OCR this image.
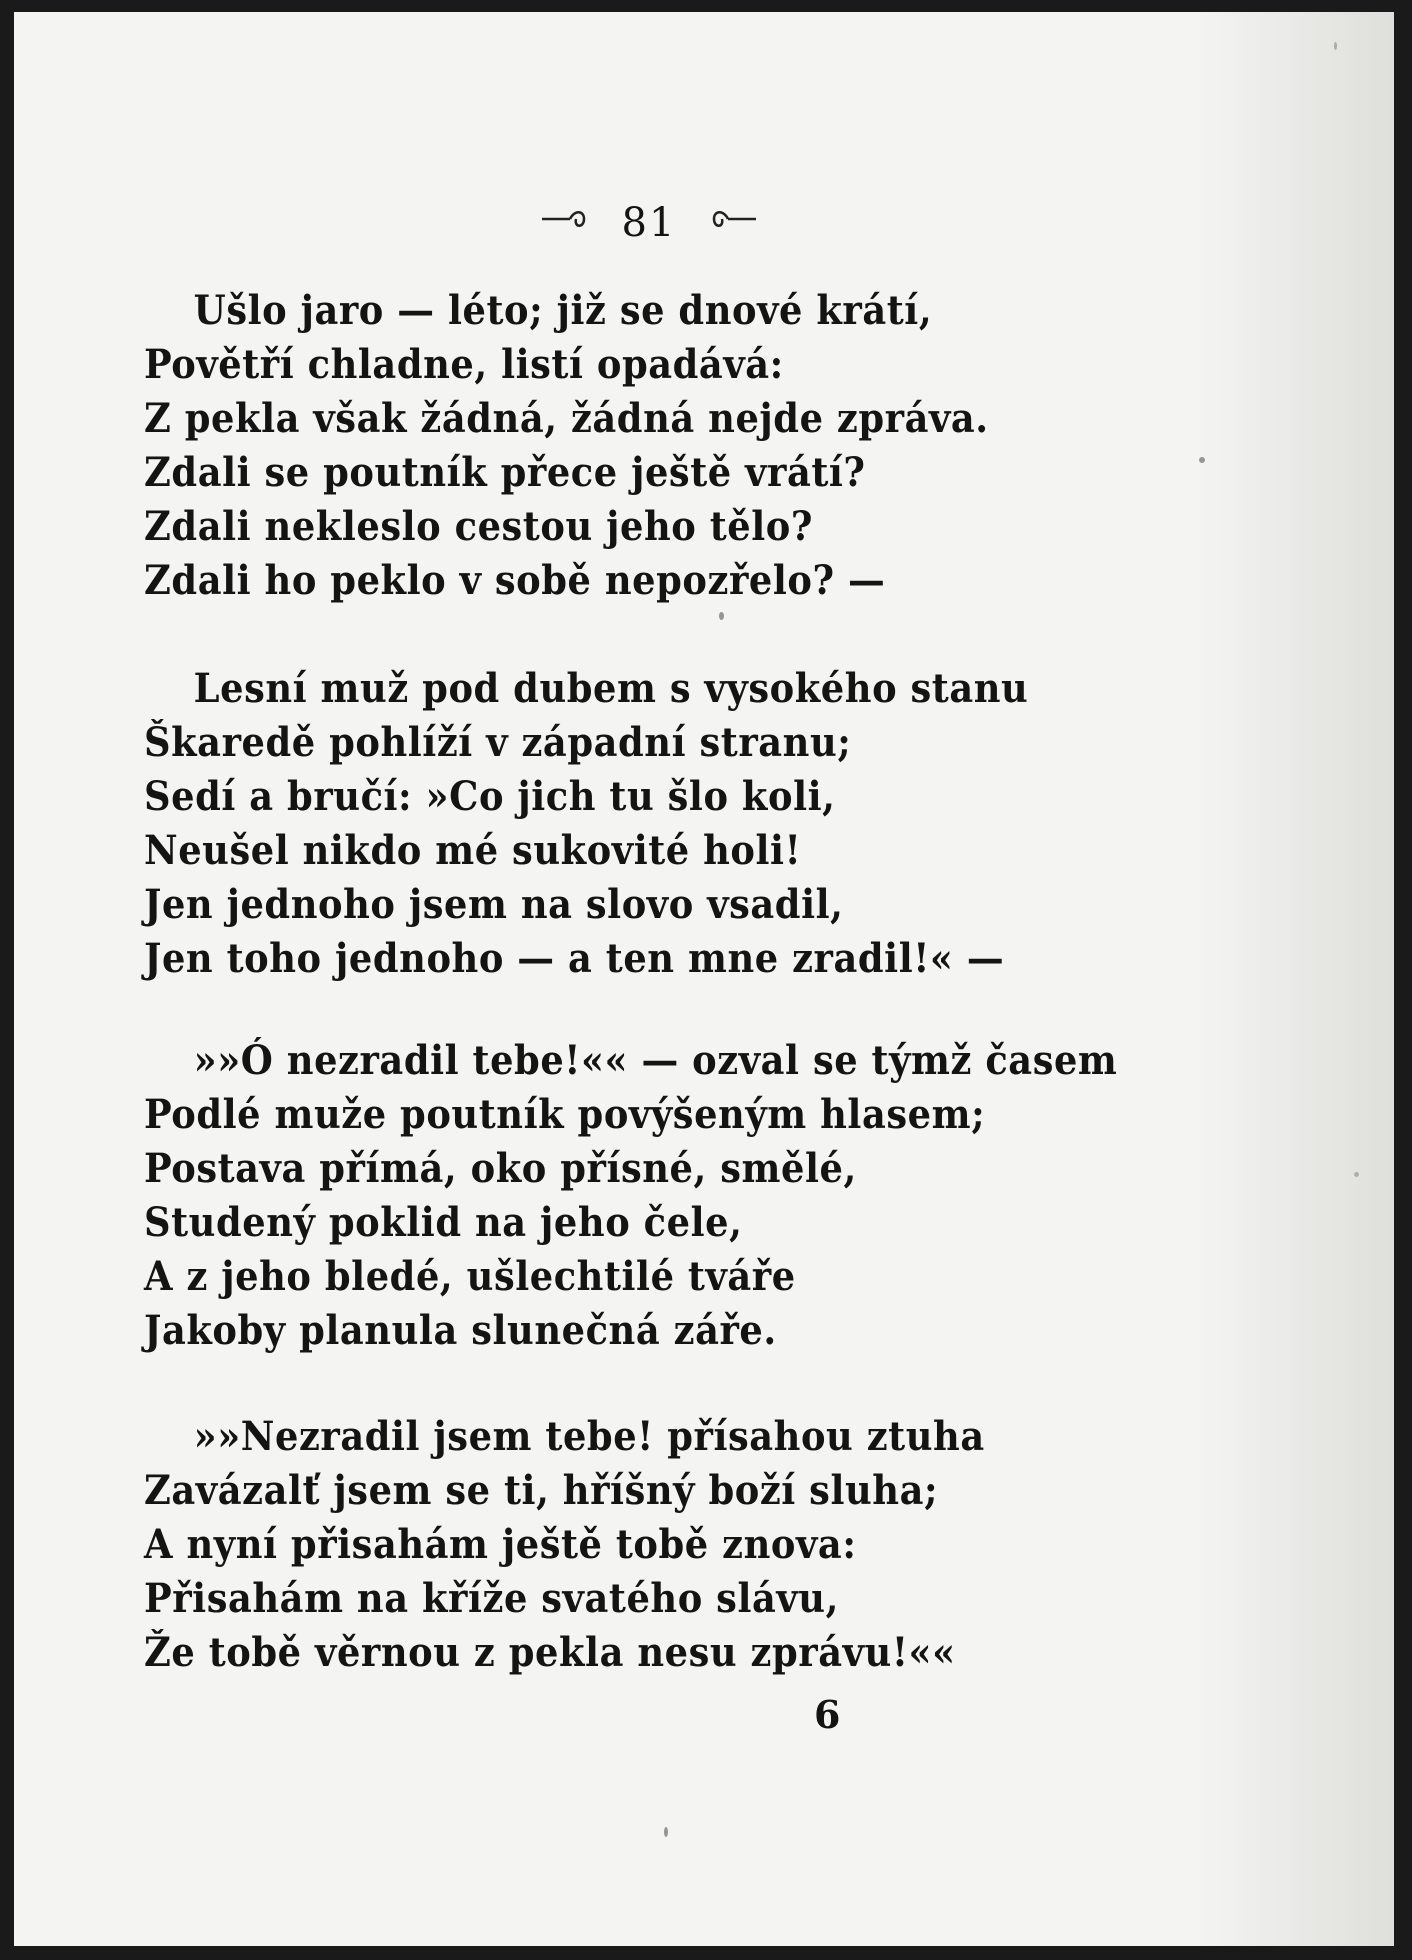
81
Ušlo jaro — léto; již se dnové krátí,
Povětří chladne, listí opadává:
Z pekla však žádná, žádná nejde zpráva.
Zdali se poutník přece ještě vrátí?
Zdali nekleslo cestou jeho tělo?
Zdali ho peklo v sobě nepozřelo? —
Lesní muž pod dubem s vysokého stanu
Škaredě pohlíží v západní stranu;
Sedí a bručí: »Co jich tu šlo koli,
Neušel nikdo mé sukovité holi!
Jen jednoho jsem na slovo vsadil,
Jen toho jednoho — a ten mne zradil!« —
»»Ó nezradil tebe!«« — ozval se týmž časem
Podlé muže poutník povýšeným hlasem;
Postava přímá, oko přísné, smělé,
Studený poklid na jeho čele,
A z jeho bledé, ušlechtilé tváře
Jakoby planula slunečná záře.
»»Nezradil jsem tebe! přísahou ztuha
Zavázalť jsem se ti, hříšný boží sluha;
A nyní přisahám ještě tobě znova:
Přisahám na kříže svatého slávu,
Že tobě věrnou z pekla nesu zprávu!««
6
